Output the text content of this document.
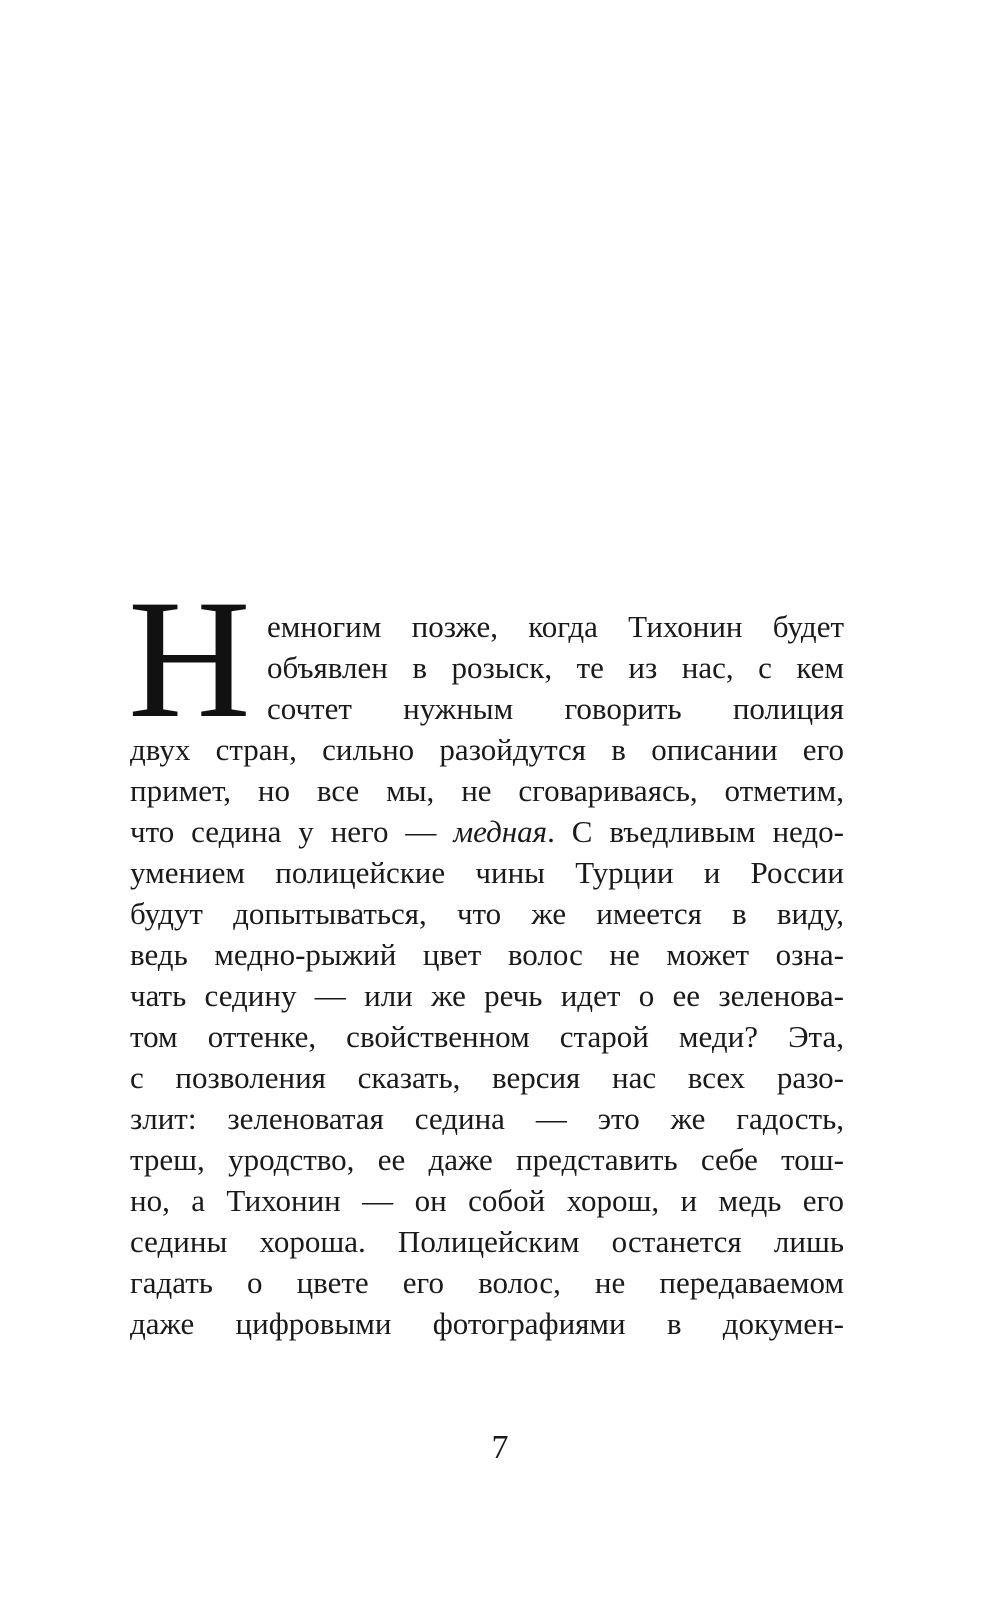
Н емногим позже, когда Тихонин будет
объявлен в розыск, те из нас, с кем
сочтет нужным говорить полиция
двух стран, сильно разойдутся в описании его
примет, но все мы, не сговариваясь, отметим,
что седина у него — медная. С въедливым недо-
умением полицейские чины Турции и России
будут допытываться, что же имеется в виду,
ведь медно-рыжий цвет волос не может озна-
чать седину — или же речь идет о ее зеленова-
том оттенке, свойственном старой меди? Эта,
с позволения сказать, версия нас всех разо-
злит: зеленоватая седина — это же гадость,
треш, уродство, ее даже представить себе тош-
но, а Тихонин — он собой хорош, и медь его
седины хороша. Полицейским останется лишь
гадать о цвете его волос, не передаваемом
даже цифровыми фотографиями в докумен-
7
